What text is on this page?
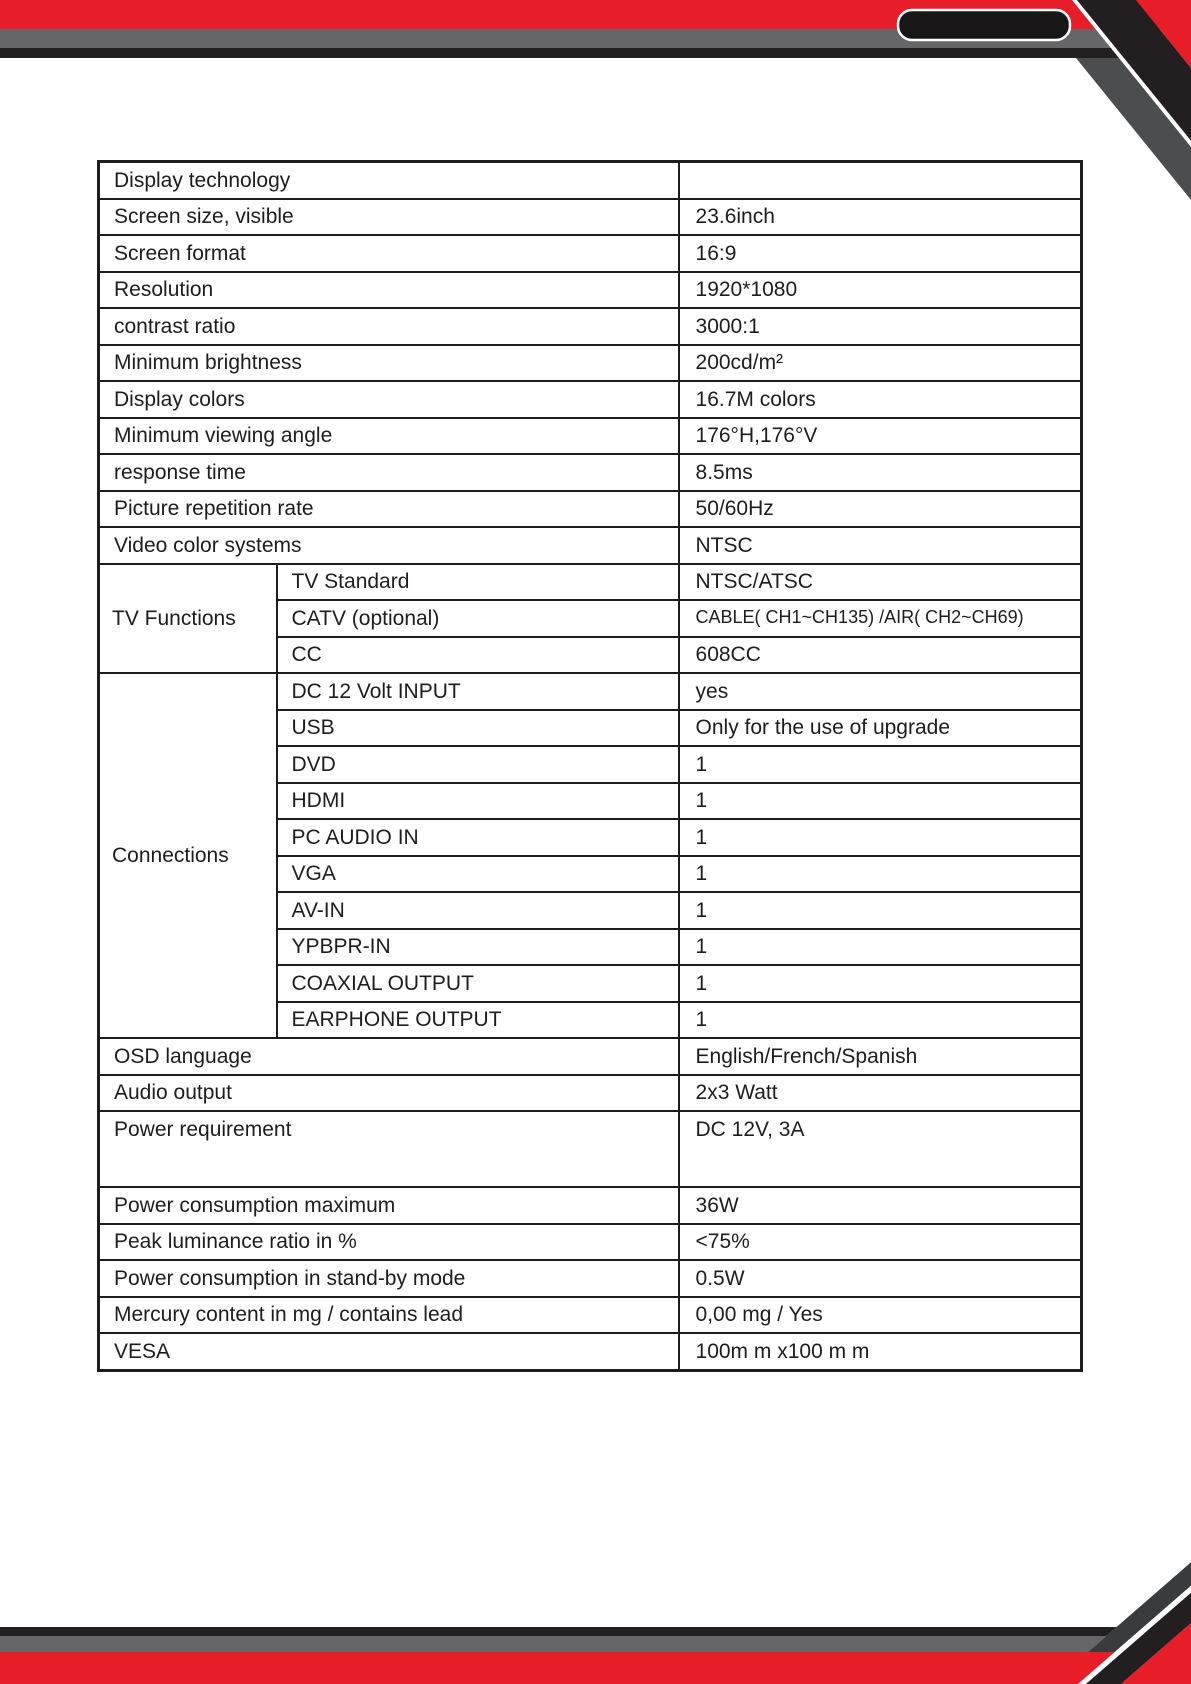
Display technology		
Screen size, visible		23.6inch
Screen format		16:9
Resolution		1920*1080
contrast ratio		3000:1
Minimum brightness		200cd/m²
Display colors		16.7M colors
Minimum viewing angle		176°H,176°V
response time		8.5ms
Picture repetition rate		50/60Hz
Video color systems		NTSC
TV Functions	TV Standard	NTSC/ATSC
	CATV (optional)	CABLE( CH1~CH135) /AIR( CH2~CH69)
	CC	608CC
Connections	DC 12 Volt INPUT	yes
	USB	Only for the use of upgrade
	DVD	1
	HDMI	1
	PC AUDIO IN	1
	VGA	1
	AV-IN	1
	YPBPR-IN	1
	COAXIAL OUTPUT	1
	EARPHONE OUTPUT	1
OSD language		English/French/Spanish
Audio output		2x3 Watt
Power requirement		DC 12V, 3A
Power consumption maximum		36W
Peak luminance ratio in %		<75%
Power consumption in stand-by mode		0.5W
Mercury content in mg / contains lead		0,00 mg / Yes
VESA		100m m x100 m m
